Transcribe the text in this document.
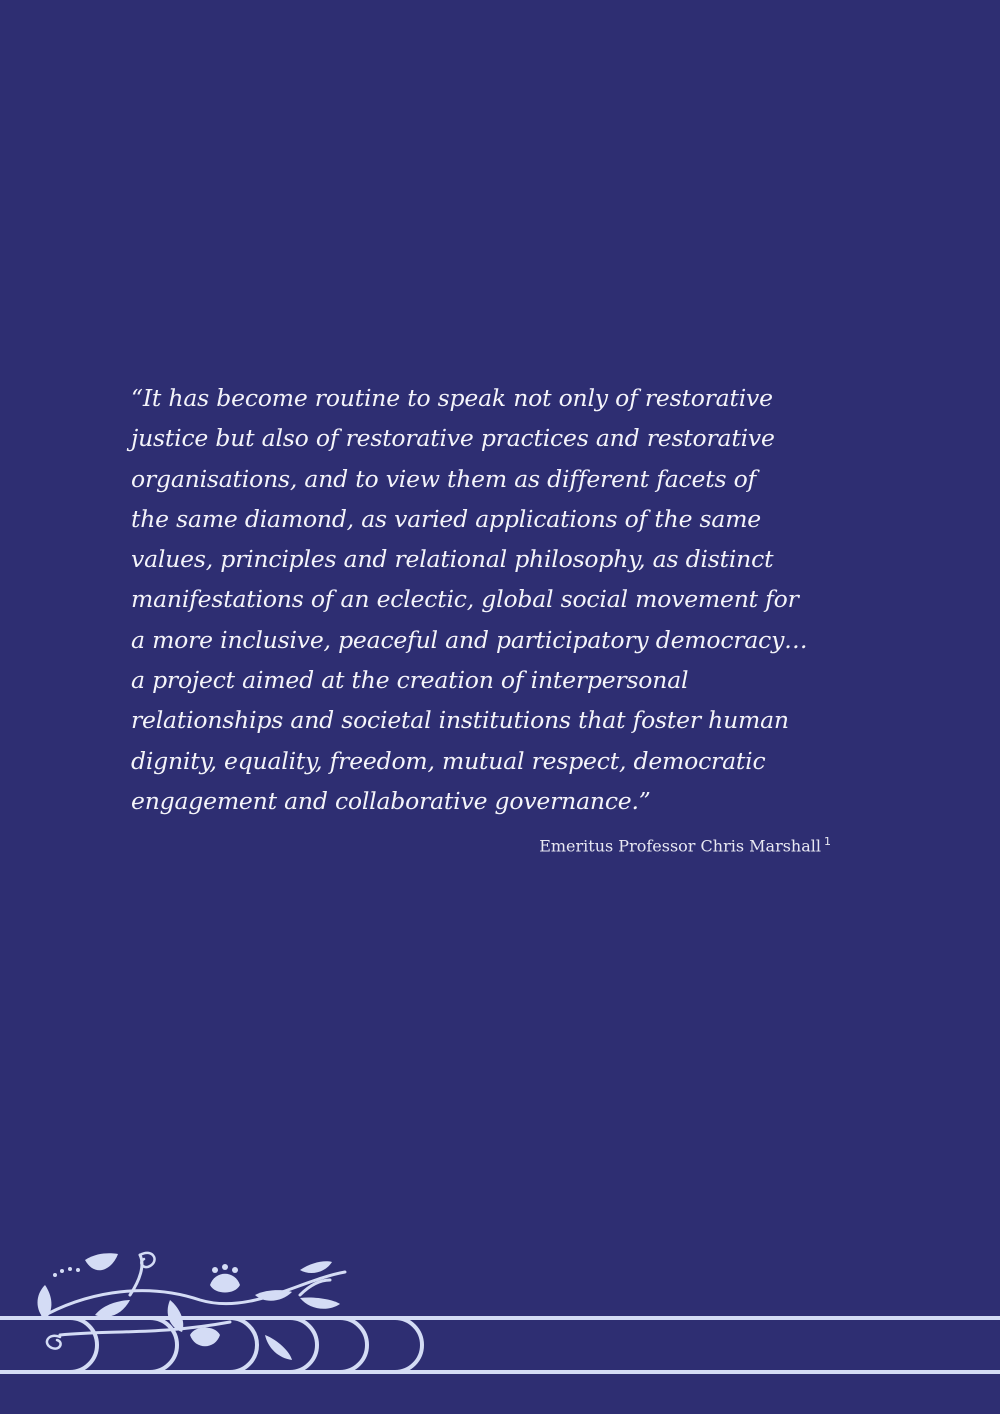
“It has become routine to speak not only of restorative
justice but also of restorative practices and restorative
organisations, and to view them as different facets of
the same diamond, as varied applications of the same
values, principles and relational philosophy, as distinct
manifestations of an eclectic, global social movement for
a more inclusive, peaceful and participatory democracy…
a project aimed at the creation of interpersonal
relationships and societal institutions that foster human
dignity, equality, freedom, mutual respect, democratic
engagement and collaborative governance.”
Emeritus Professor Chris Marshall $^1$
